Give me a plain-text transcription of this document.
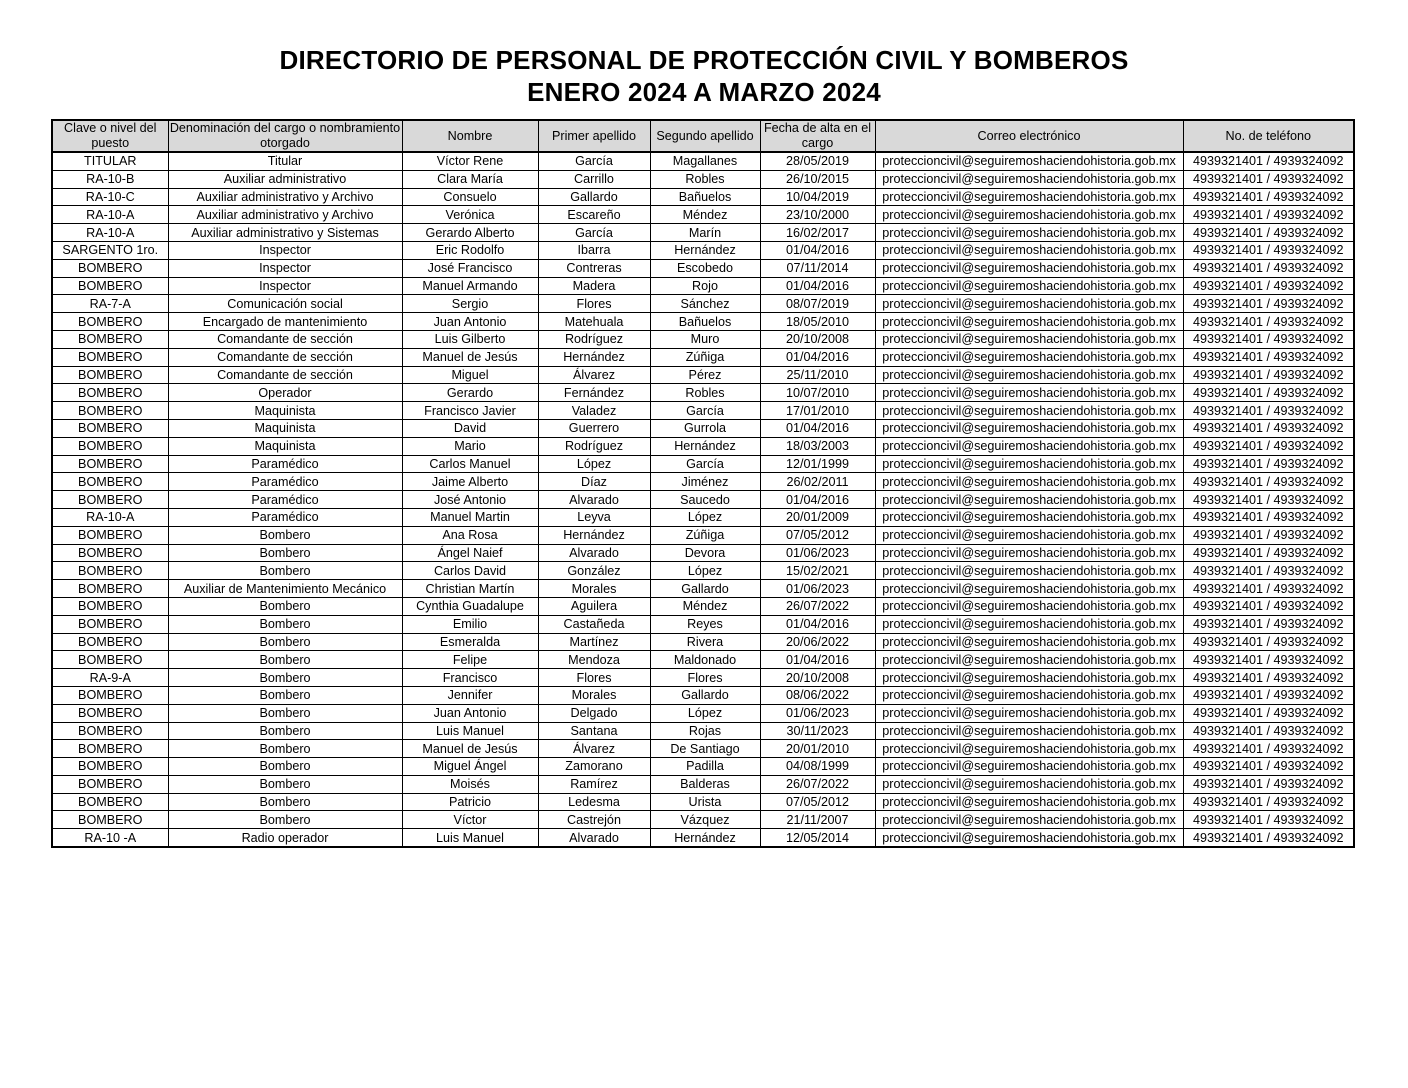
DIRECTORIO DE PERSONAL DE PROTECCIÓN CIVIL Y BOMBEROS
ENERO 2024 A MARZO 2024
Clave o nivel del puesto	Denominación del cargo o nombramiento otorgado	Nombre	Primer apellido	Segundo apellido	Fecha de alta en el cargo	Correo electrónico	No. de teléfono
TITULAR	Titular	Víctor Rene	García	Magallanes	28/05/2019	proteccioncivil@seguiremoshaciendohistoria.gob.mx	4939321401 / 4939324092
RA-10-B	Auxiliar administrativo	Clara María	Carrillo	Robles	26/10/2015	proteccioncivil@seguiremoshaciendohistoria.gob.mx	4939321401 / 4939324092
RA-10-C	Auxiliar administrativo y Archivo	Consuelo	Gallardo	Bañuelos	10/04/2019	proteccioncivil@seguiremoshaciendohistoria.gob.mx	4939321401 / 4939324092
RA-10-A	Auxiliar administrativo y Archivo	Verónica	Escareño	Méndez	23/10/2000	proteccioncivil@seguiremoshaciendohistoria.gob.mx	4939321401 / 4939324092
RA-10-A	Auxiliar administrativo y Sistemas	Gerardo Alberto	García	Marín	16/02/2017	proteccioncivil@seguiremoshaciendohistoria.gob.mx	4939321401 / 4939324092
SARGENTO 1ro.	Inspector	Eric Rodolfo	Ibarra	Hernández	01/04/2016	proteccioncivil@seguiremoshaciendohistoria.gob.mx	4939321401 / 4939324092
BOMBERO	Inspector	José Francisco	Contreras	Escobedo	07/11/2014	proteccioncivil@seguiremoshaciendohistoria.gob.mx	4939321401 / 4939324092
BOMBERO	Inspector	Manuel Armando	Madera	Rojo	01/04/2016	proteccioncivil@seguiremoshaciendohistoria.gob.mx	4939321401 / 4939324092
RA-7-A	Comunicación social	Sergio	Flores	Sánchez	08/07/2019	proteccioncivil@seguiremoshaciendohistoria.gob.mx	4939321401 / 4939324092
BOMBERO	Encargado de mantenimiento	Juan Antonio	Matehuala	Bañuelos	18/05/2010	proteccioncivil@seguiremoshaciendohistoria.gob.mx	4939321401 / 4939324092
BOMBERO	Comandante de sección	Luis Gilberto	Rodríguez	Muro	20/10/2008	proteccioncivil@seguiremoshaciendohistoria.gob.mx	4939321401 / 4939324092
BOMBERO	Comandante de sección	Manuel de Jesús	Hernández	Zúñiga	01/04/2016	proteccioncivil@seguiremoshaciendohistoria.gob.mx	4939321401 / 4939324092
BOMBERO	Comandante de sección	Miguel	Álvarez	Pérez	25/11/2010	proteccioncivil@seguiremoshaciendohistoria.gob.mx	4939321401 / 4939324092
BOMBERO	Operador	Gerardo	Fernández	Robles	10/07/2010	proteccioncivil@seguiremoshaciendohistoria.gob.mx	4939321401 / 4939324092
BOMBERO	Maquinista	Francisco Javier	Valadez	García	17/01/2010	proteccioncivil@seguiremoshaciendohistoria.gob.mx	4939321401 / 4939324092
BOMBERO	Maquinista	David	Guerrero	Gurrola	01/04/2016	proteccioncivil@seguiremoshaciendohistoria.gob.mx	4939321401 / 4939324092
BOMBERO	Maquinista	Mario	Rodríguez	Hernández	18/03/2003	proteccioncivil@seguiremoshaciendohistoria.gob.mx	4939321401 / 4939324092
BOMBERO	Paramédico	Carlos Manuel	López	García	12/01/1999	proteccioncivil@seguiremoshaciendohistoria.gob.mx	4939321401 / 4939324092
BOMBERO	Paramédico	Jaime Alberto	Díaz	Jiménez	26/02/2011	proteccioncivil@seguiremoshaciendohistoria.gob.mx	4939321401 / 4939324092
BOMBERO	Paramédico	José Antonio	Alvarado	Saucedo	01/04/2016	proteccioncivil@seguiremoshaciendohistoria.gob.mx	4939321401 / 4939324092
RA-10-A	Paramédico	Manuel Martin	Leyva	López	20/01/2009	proteccioncivil@seguiremoshaciendohistoria.gob.mx	4939321401 / 4939324092
BOMBERO	Bombero	Ana Rosa	Hernández	Zúñiga	07/05/2012	proteccioncivil@seguiremoshaciendohistoria.gob.mx	4939321401 / 4939324092
BOMBERO	Bombero	Ángel Naief	Alvarado	Devora	01/06/2023	proteccioncivil@seguiremoshaciendohistoria.gob.mx	4939321401 / 4939324092
BOMBERO	Bombero	Carlos David	González	López	15/02/2021	proteccioncivil@seguiremoshaciendohistoria.gob.mx	4939321401 / 4939324092
BOMBERO	Auxiliar de Mantenimiento Mecánico	Christian Martín	Morales	Gallardo	01/06/2023	proteccioncivil@seguiremoshaciendohistoria.gob.mx	4939321401 / 4939324092
BOMBERO	Bombero	Cynthia Guadalupe	Aguilera	Méndez	26/07/2022	proteccioncivil@seguiremoshaciendohistoria.gob.mx	4939321401 / 4939324092
BOMBERO	Bombero	Emilio	Castañeda	Reyes	01/04/2016	proteccioncivil@seguiremoshaciendohistoria.gob.mx	4939321401 / 4939324092
BOMBERO	Bombero	Esmeralda	Martínez	Rivera	20/06/2022	proteccioncivil@seguiremoshaciendohistoria.gob.mx	4939321401 / 4939324092
BOMBERO	Bombero	Felipe	Mendoza	Maldonado	01/04/2016	proteccioncivil@seguiremoshaciendohistoria.gob.mx	4939321401 / 4939324092
RA-9-A	Bombero	Francisco	Flores	Flores	20/10/2008	proteccioncivil@seguiremoshaciendohistoria.gob.mx	4939321401 / 4939324092
BOMBERO	Bombero	Jennifer	Morales	Gallardo	08/06/2022	proteccioncivil@seguiremoshaciendohistoria.gob.mx	4939321401 / 4939324092
BOMBERO	Bombero	Juan Antonio	Delgado	López	01/06/2023	proteccioncivil@seguiremoshaciendohistoria.gob.mx	4939321401 / 4939324092
BOMBERO	Bombero	Luis Manuel	Santana	Rojas	30/11/2023	proteccioncivil@seguiremoshaciendohistoria.gob.mx	4939321401 / 4939324092
BOMBERO	Bombero	Manuel de Jesús	Álvarez	De Santiago	20/01/2010	proteccioncivil@seguiremoshaciendohistoria.gob.mx	4939321401 / 4939324092
BOMBERO	Bombero	Miguel Ángel	Zamorano	Padilla	04/08/1999	proteccioncivil@seguiremoshaciendohistoria.gob.mx	4939321401 / 4939324092
BOMBERO	Bombero	Moisés	Ramírez	Balderas	26/07/2022	proteccioncivil@seguiremoshaciendohistoria.gob.mx	4939321401 / 4939324092
BOMBERO	Bombero	Patricio	Ledesma	Urista	07/05/2012	proteccioncivil@seguiremoshaciendohistoria.gob.mx	4939321401 / 4939324092
BOMBERO	Bombero	Víctor	Castrejón	Vázquez	21/11/2007	proteccioncivil@seguiremoshaciendohistoria.gob.mx	4939321401 / 4939324092
RA-10 -A	Radio operador	Luis Manuel	Alvarado	Hernández	12/05/2014	proteccioncivil@seguiremoshaciendohistoria.gob.mx	4939321401 / 4939324092
